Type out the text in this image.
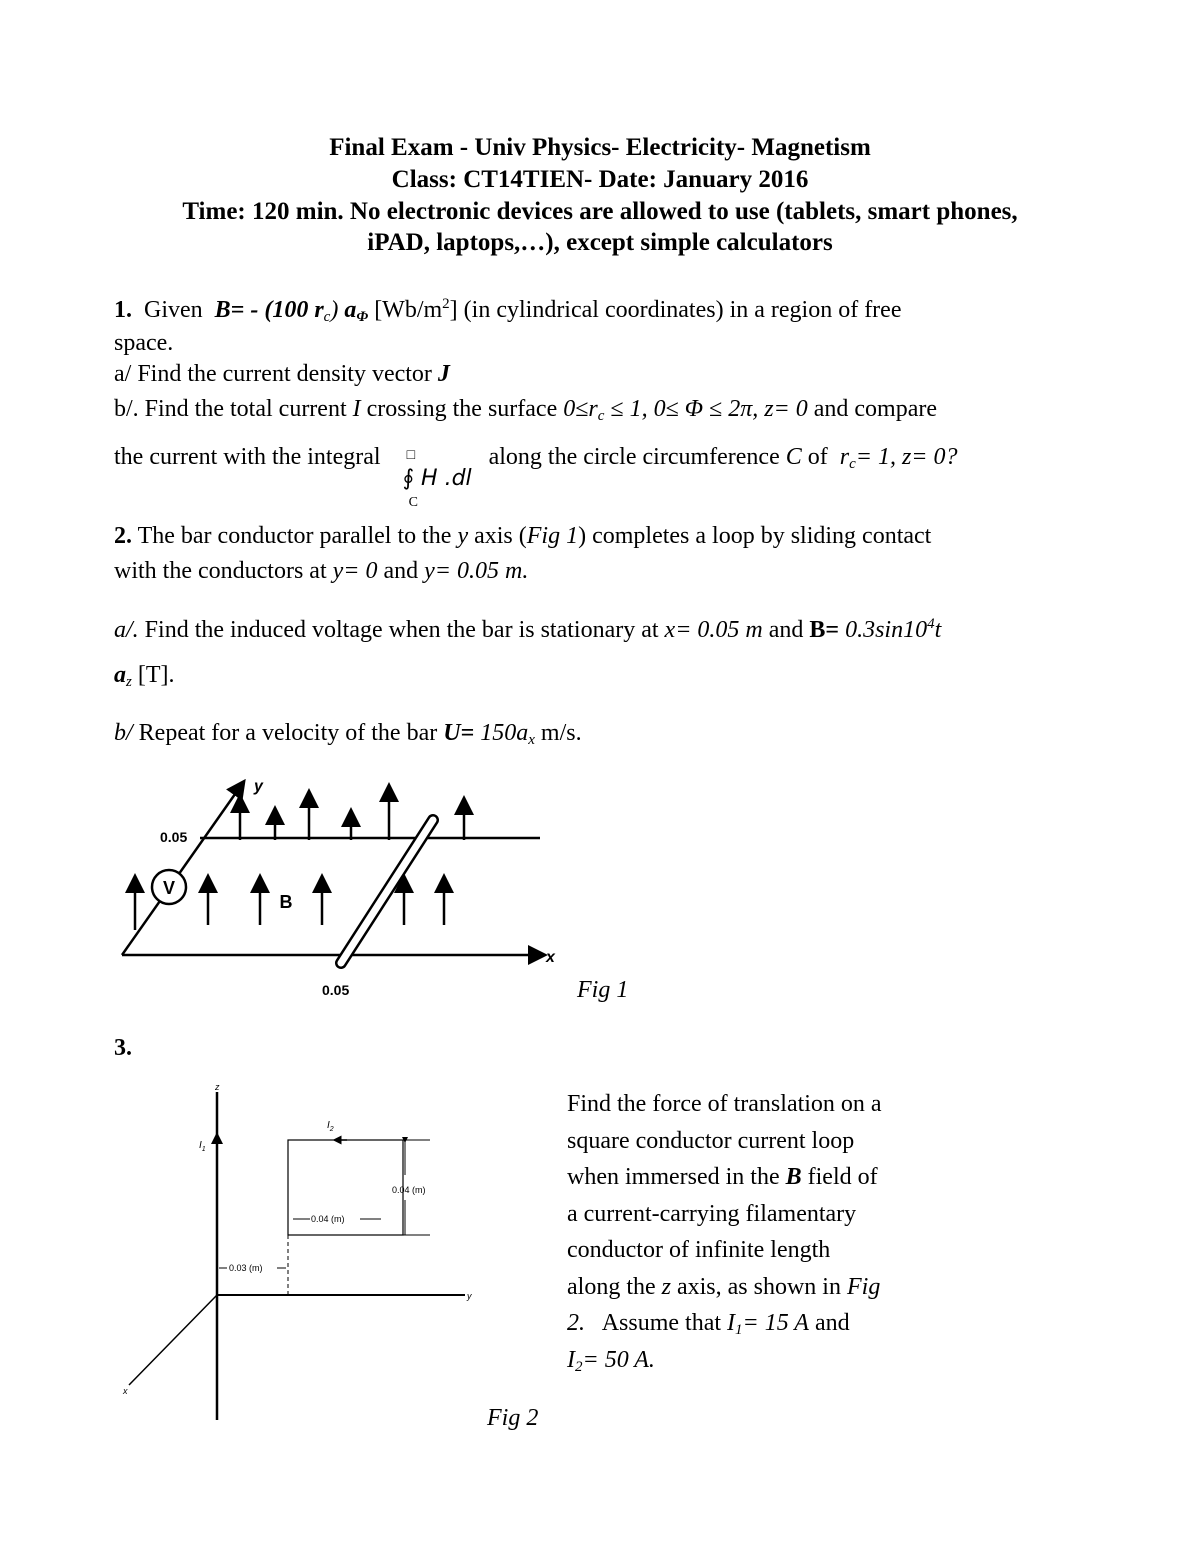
Final Exam - Univ Physics- Electricity- Magnetism
Class: CT14TIEN- Date: January 2016
Time: 120 min. No electronic devices are allowed to use (tablets, smart phones,
iPAD, laptops,…), except simple calculators
1. Given B= - (100 $r_c$) $a_\Phi$ $[Wb/m^2]$ (in cylindrical coordinates) in a region of free
space.
a/ Find the current density vector J
b/. Find the total current I crossing the surface $0\le r_c \le 1$, 0≤ Φ ≤ 2π, z= 0 and compare
the current with the integral □
∮ H .dl
C
along the circle circumference C of $r_c= 1$, z= 0?
2. The bar conductor parallel to the y axis (Fig 1) completes a loop by sliding contact
with the conductors at y= 0 and y= 0.05 m.
a/. Find the induced voltage when the bar is stationary at x= 0.05 m and $B= 0.3\sin 10^4t$
$a_z$ [T].
b/ Repeat for a velocity of the bar $U= 150a_x$ m/s.
V
B
y
x
0.05
0.05	Fig 1
3.
z
y
x
$I_1$
$I_2$
0.04 (m)
0.04 (m)
0.03 (m)
Fig 2
Find the force of translation on a
square conductor current loop
when immersed in the B field of
a current-carrying filamentary
conductor of infinite length
along the z axis, as shown in Fig
2. Assume that $I_1= 15$ A and
$I_2= 50$ A.
